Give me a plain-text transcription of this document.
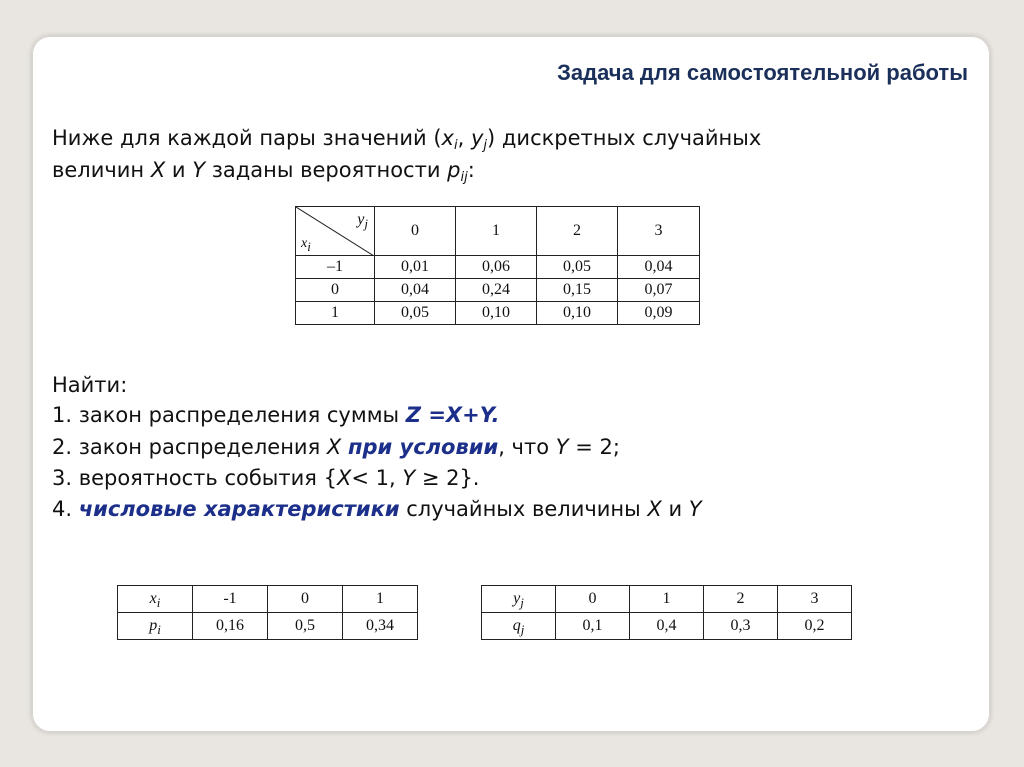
Задача для самостоятельной работы
Ниже для каждой пары значений ($x_i$, $y_j$) дискретных случайных
величин X и Y заданы вероятности $p_{ij}$:
$y_j$
$x_i$	0	1	2	3
–1	0,01	0,06	0,05	0,04
0	0,04	0,24	0,15	0,07
1	0,05	0,10	0,10	0,09
Найти:
1. закон распределения суммы Z =X+Y.
2. закон распределения X при условии, что Y = 2;
3. вероятность события {X< 1, Y ≥ 2}.
4. числовые характеристики случайных величины X и Y
$x_i$	-1	0	1
$p_i$	0,16	0,5	0,34
$y_j$	0	1	2	3
$q_j$	0,1	0,4	0,3	0,2
